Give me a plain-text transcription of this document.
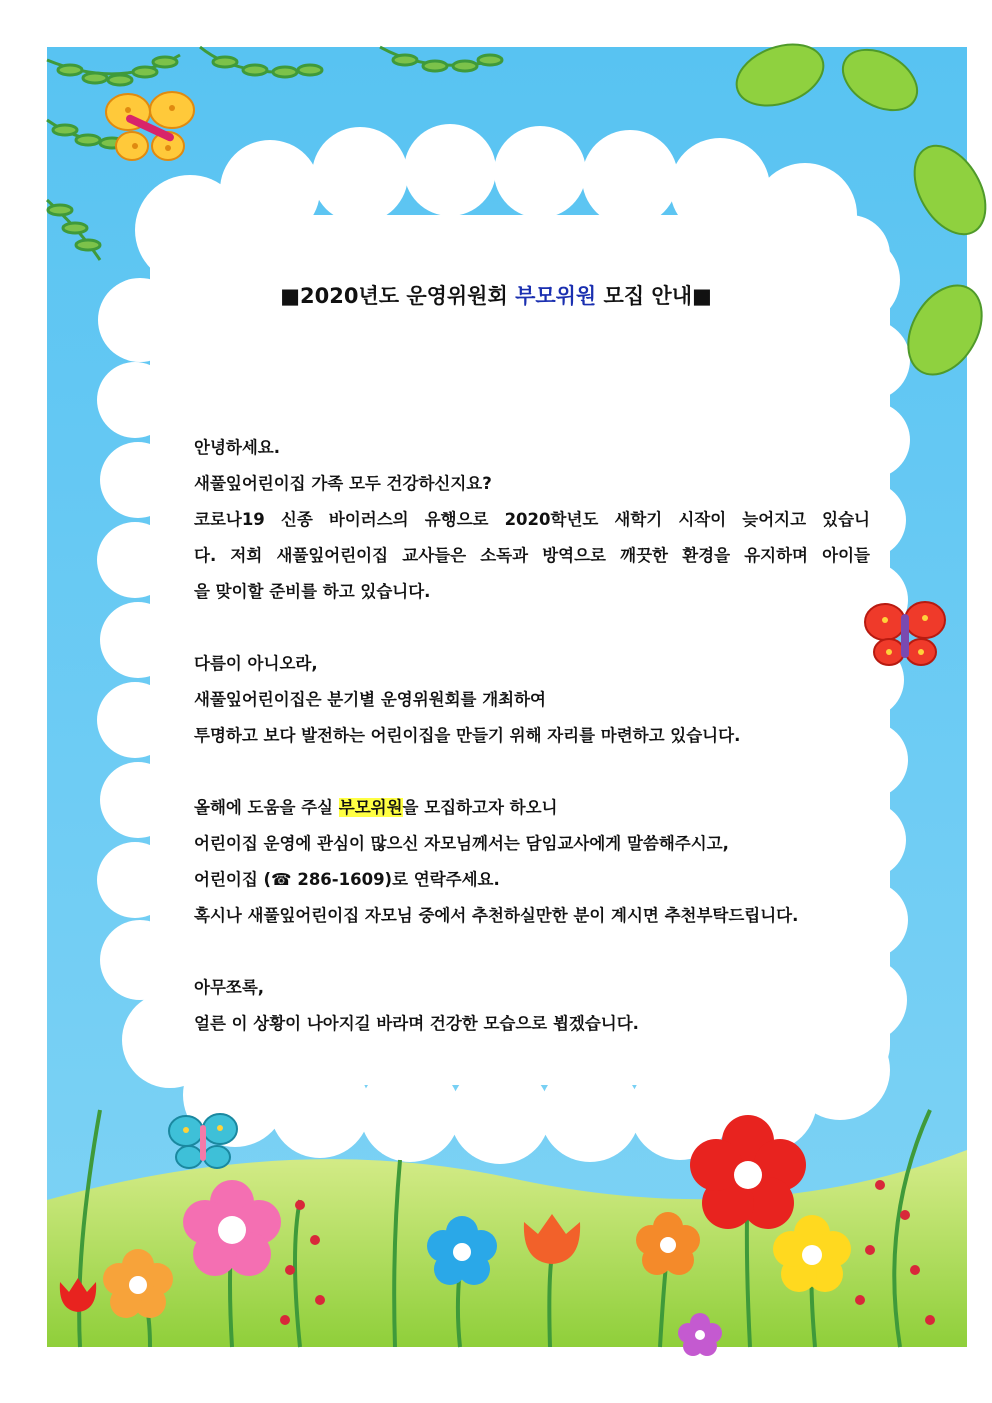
■2020년도 운영위원회 부모위원 모집 안내■
안녕하세요.
새풀잎어린이집 가족 모두 건강하신지요?
코로나19 신종 바이러스의 유행으로 2020학년도 새학기 시작이 늦어지고 있습니
다. 저희 새풀잎어린이집 교사들은 소독과 방역으로 깨끗한 환경을 유지하며 아이들
을 맞이할 준비를 하고 있습니다.
다름이 아니오라,
새풀잎어린이집은 분기별 운영위원회를 개최하여
투명하고 보다 발전하는 어린이집을 만들기 위해 자리를 마련하고 있습니다.
올해에 도움을 주실 부모위원을 모집하고자 하오니
어린이집 운영에 관심이 많으신 자모님께서는 담임교사에게 말씀해주시고,
어린이집 (☎ 286-1609)로 연락주세요.
혹시나 새풀잎어린이집 자모님 중에서 추천하실만한 분이 계시면 추천부탁드립니다.
아무쪼록,
얼른 이 상황이 나아지길 바라며 건강한 모습으로 뵙겠습니다.
